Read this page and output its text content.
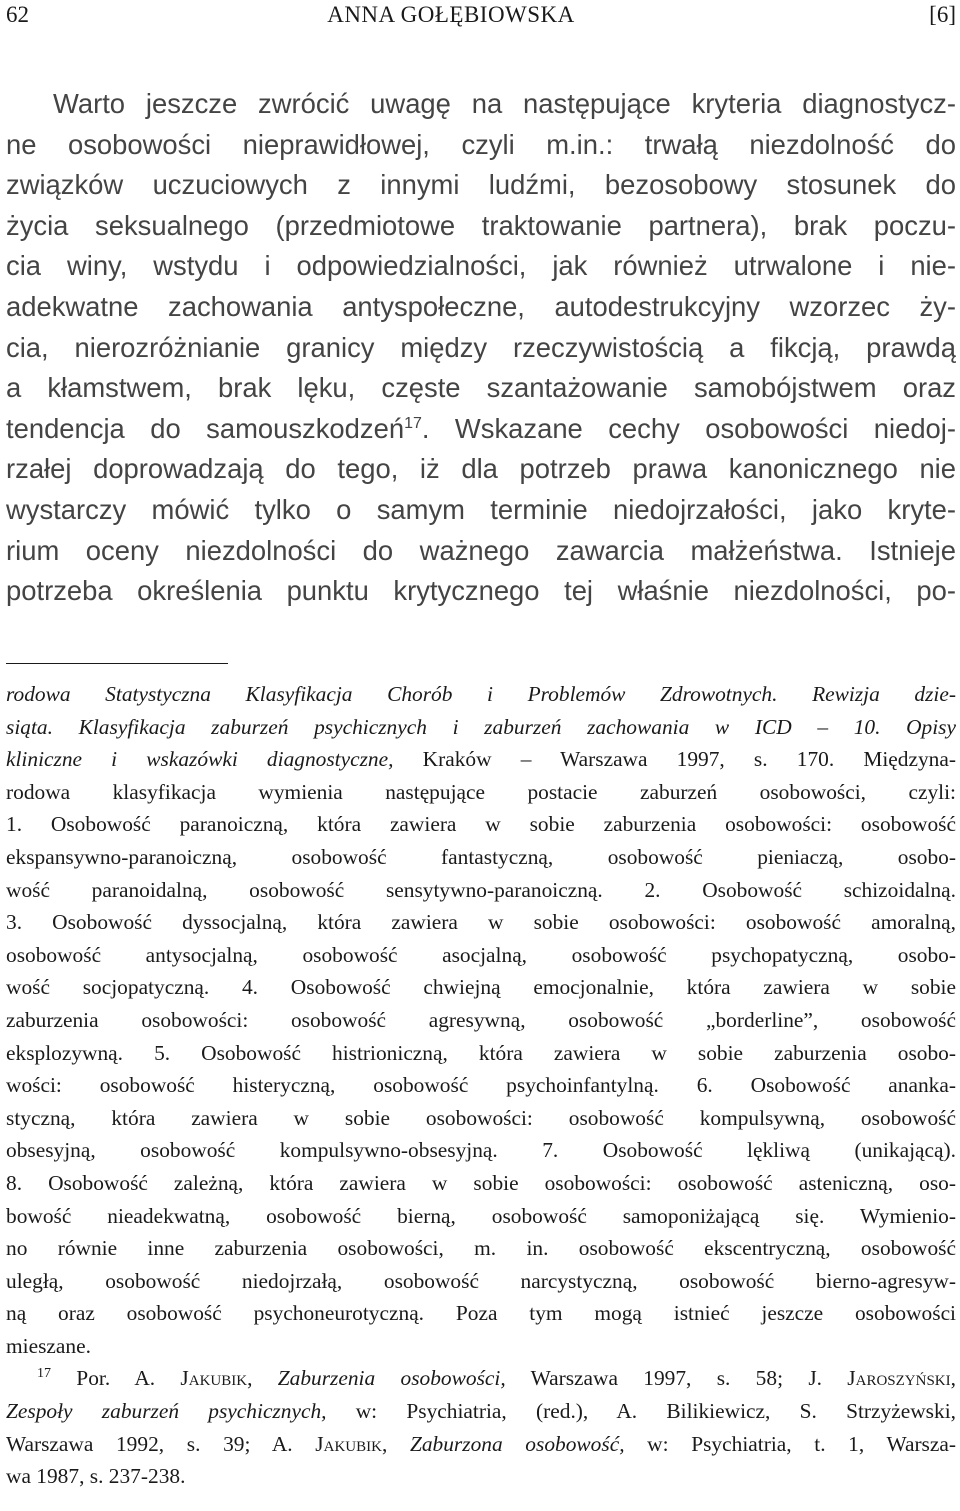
62	ANNA GOŁĘBIOWSKA	[6]
Warto jeszcze zwrócić uwagę na następujące kryteria diagnostycz-
ne osobowości nieprawidłowej, czyli m.in.: trwałą niezdolność do
związków uczuciowych z innymi ludźmi, bezosobowy stosunek do
życia seksualnego (przedmiotowe traktowanie partnera), brak poczu-
cia winy, wstydu i odpowiedzialności, jak również utrwalone i nie-
adekwatne zachowania antyspołeczne, autodestrukcyjny wzorzec ży-
cia, nierozróżnianie granicy między rzeczywistością a fikcją, prawdą
a kłamstwem, brak lęku, częste szantażowanie samobójstwem oraz
tendencja do samouszkodzeń$^{17}$. Wskazane cechy osobowości niedoj-
rzałej doprowadzają do tego, iż dla potrzeb prawa kanonicznego nie
wystarczy mówić tylko o samym terminie niedojrzałości, jako kryte-
rium oceny niezdolności do ważnego zawarcia małżeństwa. Istnieje
potrzeba określenia punktu krytycznego tej właśnie niezdolności, po-
rodowa Statystyczna Klasyfikacja Chorób i Problemów Zdrowotnych. Rewizja dzie-
siąta. Klasyfikacja zaburzeń psychicznych i zaburzeń zachowania w ICD – 10. Opisy
kliniczne i wskazówki diagnostyczne, Kraków – Warszawa 1997, s. 170. Międzyna-
rodowa klasyfikacja wymienia następujące postacie zaburzeń osobowości, czyli:
1. Osobowość paranoiczną, która zawiera w sobie zaburzenia osobowości: osobowość
ekspansywno-paranoiczną, osobowość fantastyczną, osobowość pieniaczą, osobo-
wość paranoidalną, osobowość sensytywno-paranoiczną. 2. Osobowość schizoidalną.
3. Osobowość dyssocjalną, która zawiera w sobie osobowości: osobowość amoralną,
osobowość antysocjalną, osobowość asocjalną, osobowość psychopatyczną, osobo-
wość socjopatyczną. 4. Osobowość chwiejną emocjonalnie, która zawiera w sobie
zaburzenia osobowości: osobowość agresywną, osobowość „borderline”, osobowość
eksplozywną. 5. Osobowość histrioniczną, która zawiera w sobie zaburzenia osobo-
wości: osobowość histeryczną, osobowość psychoinfantylną. 6. Osobowość ananka-
styczną, która zawiera w sobie osobowości: osobowość kompulsywną, osobowość
obsesyjną, osobowość kompulsywno-obsesyjną. 7. Osobowość lękliwą (unikającą).
8. Osobowość zależną, która zawiera w sobie osobowości: osobowość asteniczną, oso-
bowość nieadekwatną, osobowość bierną, osobowość samoponiżającą się. Wymienio-
no równie inne zaburzenia osobowości, m. in. osobowość ekscentryczną, osobowość
uległą, osobowość niedojrzałą, osobowość narcystyczną, osobowość bierno-agresyw-
ną oraz osobowość psychoneurotyczną. Poza tym mogą istnieć jeszcze osobowości
mieszane.
$^{17}$ Por. A. Jakubik, Zaburzenia osobowości, Warszawa 1997, s. 58; J. Jaroszyński,
Zespoły zaburzeń psychicznych, w: Psychiatria, (red.), A. Bilikiewicz, S. Strzyżewski,
Warszawa 1992, s. 39; A. Jakubik, Zaburzona osobowość, w: Psychiatria, t. 1, Warsza-
wa 1987, s. 237-238.
